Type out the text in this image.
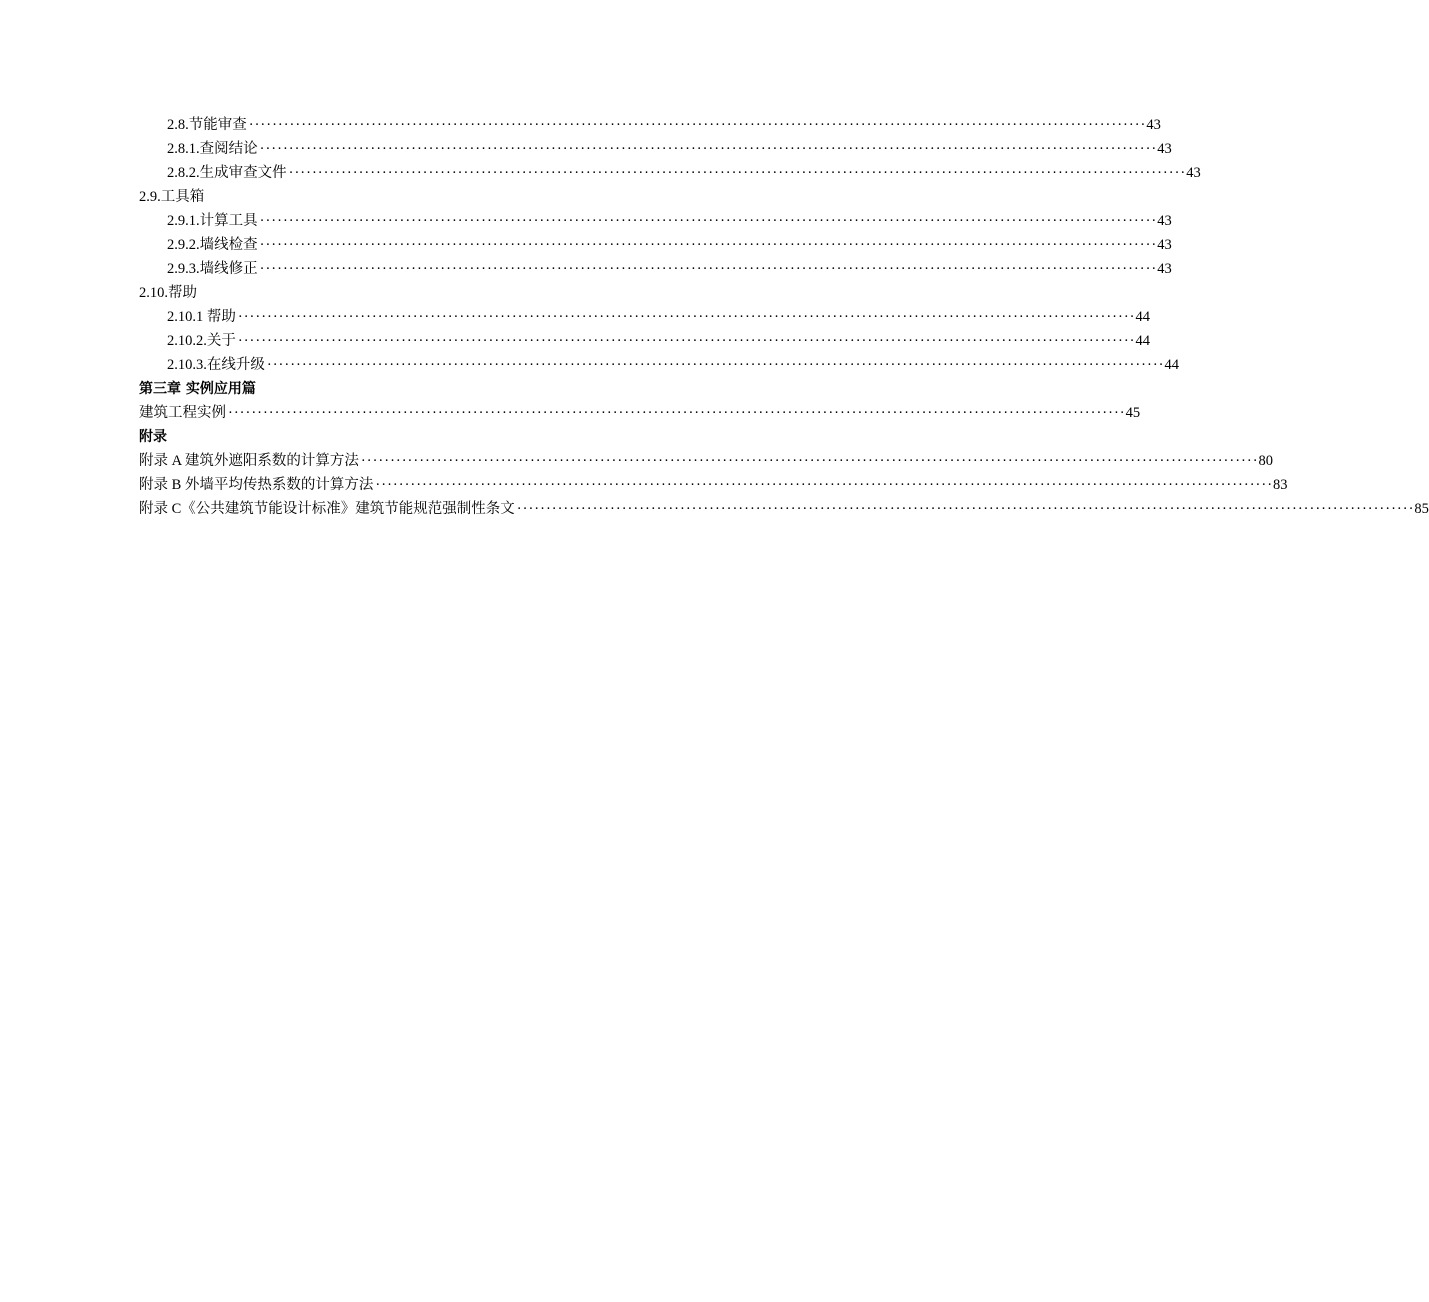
2.8.节能审查 ·························································································································································· 43
2.8.1.查阅结论 ·························································································································································· 43
2.8.2.生成审查文件 ·························································································································································· 43
2.9.工具箱
2.9.1.计算工具 ·························································································································································· 43
2.9.2.墙线检查 ·························································································································································· 43
2.9.3.墙线修正 ·························································································································································· 43
2.10.帮助
2.10.1 帮助 ·························································································································································· 44
2.10.2.关于 ·························································································································································· 44
2.10.3.在线升级 ·························································································································································· 44
第三章 实例应用篇
建筑工程实例 ·························································································································································· 45
附录
附录 A 建筑外遮阳系数的计算方法 ·························································································································································· 80
附录 B 外墙平均传热系数的计算方法 ·························································································································································· 83
附录 C《公共建筑节能设计标准》建筑节能规范强制性条文 ·························································································································································· 85
